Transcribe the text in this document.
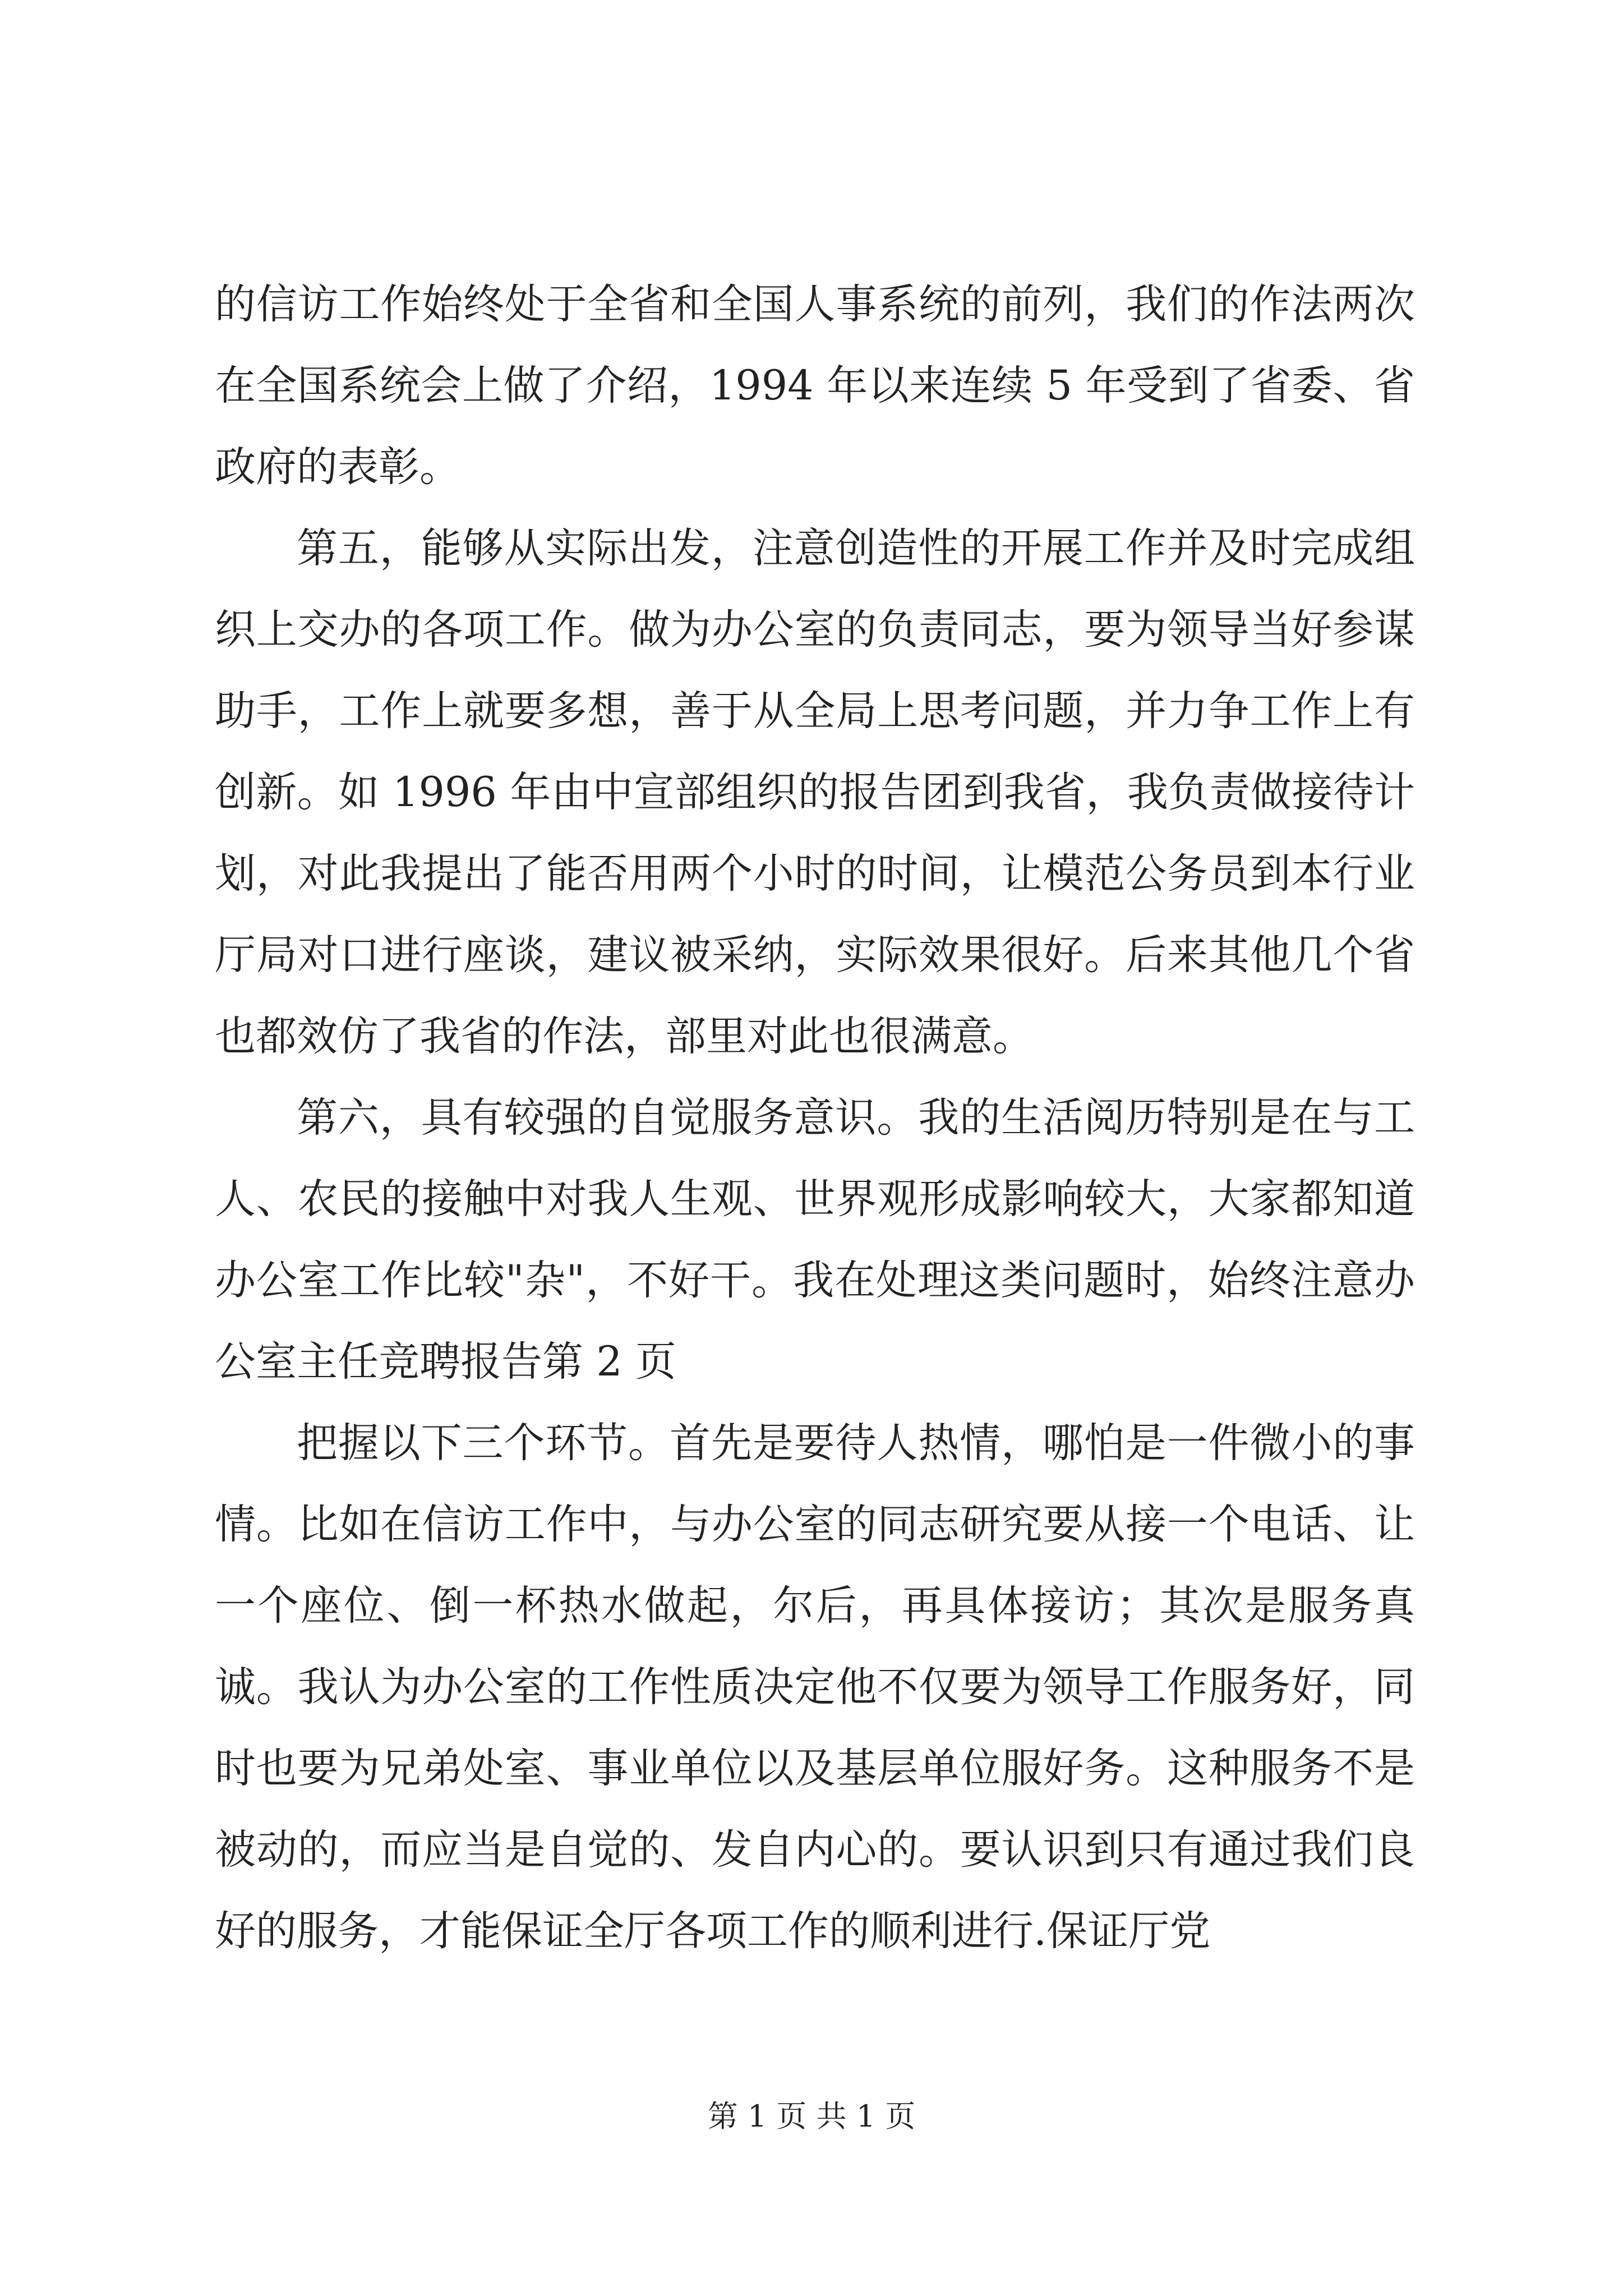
的信访工作始终处于全省和全国人事系统的前列，我们的作法两次在全国系统会上做了介绍，1994 年以来连续 5 年受到了省委、省政府的表彰。

第五，能够从实际出发，注意创造性的开展工作并及时完成组织上交办的各项工作。做为办公室的负责同志，要为领导当好参谋助手，工作上就要多想，善于从全局上思考问题，并力争工作上有创新。如 1996 年由中宣部组织的报告团到我省，我负责做接待计划，对此我提出了能否用两个小时的时间，让模范公务员到本行业厅局对口进行座谈，建议被采纳，实际效果很好。后来其他几个省也都效仿了我省的作法，部里对此也很满意。

第六，具有较强的自觉服务意识。我的生活阅历特别是在与工人、农民的接触中对我人生观、世界观形成影响较大，大家都知道办公室工作比较"杂"，不好干。我在处理这类问题时，始终注意办公室主任竞聘报告第 2 页

把握以下三个环节。首先是要待人热情，哪怕是一件微小的事情。比如在信访工作中，与办公室的同志研究要从接一个电话、让一个座位、倒一杯热水做起，尔后，再具体接访；其次是服务真诚。我认为办公室的工作性质决定他不仅要为领导工作服务好，同时也要为兄弟处室、事业单位以及基层单位服好务。这种服务不是被动的，而应当是自觉的、发自内心的。要认识到只有通过我们良好的服务，才能保证全厅各项工作的顺利进行.保证厅党

第 1 页 共 1 页
